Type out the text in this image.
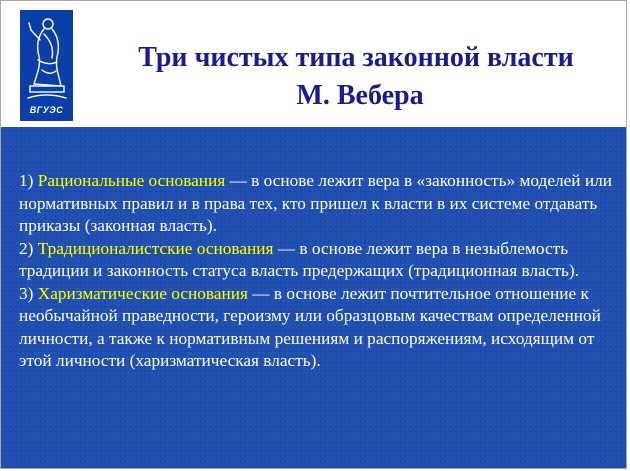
ВГУЭС
Три чистых типа законной власти
М. Вебера
1) Рациональные основания — в основе лежит вера в «законность» моделей или нормативных правил и в права тех, кто пришел к власти в их системе отдавать приказы (законная власть).
2) Традиционалистские основания — в основе лежит вера в незыблемость традиции и законность статуса власть предержащих (традиционная власть).
3) Харизматические основания — в основе лежит почтительное отношение к необычайной праведности, героизму или образцовым качествам определенной личности, а также к нормативным решениям и распоряжениям, исходящим от этой личности (харизматическая власть).
